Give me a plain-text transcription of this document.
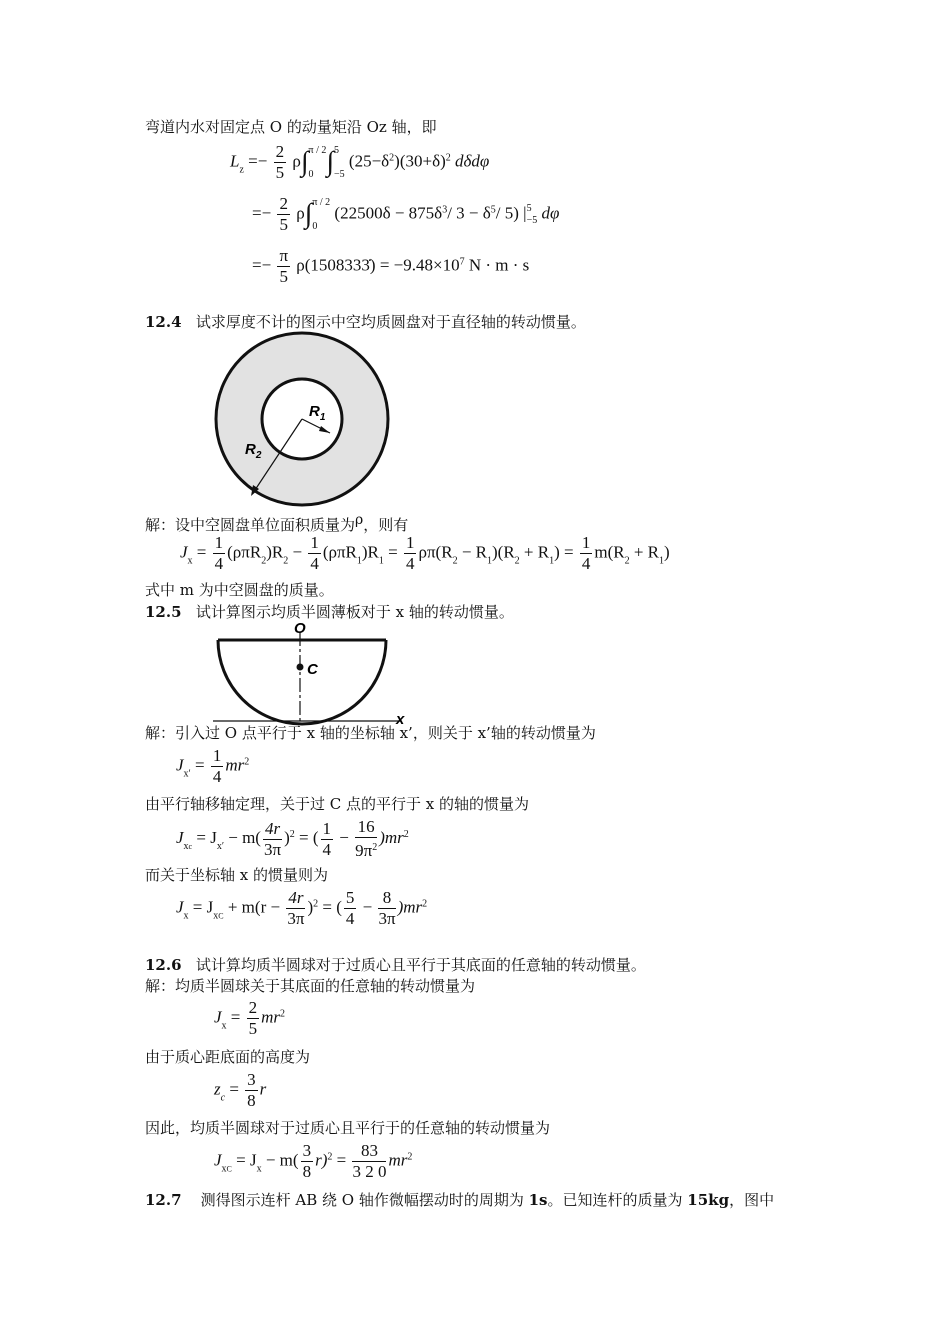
弯道内水对固定点 O 的动量矩沿 Oz 轴，即
$L_z =- \frac{2}{5} \rho\int\pi / 2$

0 ∫5

−5 $(25-\delta^2)(30+\delta)^2$ dδdφ
=− $\frac{2}{5} \rho\int\pi / 2$

0 ($22500\delta - 875\delta^3/$ $3 - \delta^5/$ 5) |5
−5 dφ
=− $\frac{\pi}{5}$ ρ(1508333̇) = $-9.48\times 10^7$ N · m · s
12.4 试求厚度不计的图示中空均质圆盘对于直径轴的转动惯量。
$R_1$
$R_2$
解：设中空圆盘单位面积质量为ρ，则有
$J_x = \frac{1}{4} (\rho\pi R_2)R_2 - \frac{1}{4} (\rho\pi R_1)R_1 = \frac{1}{4} \rho\pi(R_2 - R_1)(R_2 + R_1) = \frac{1}{4} m(R_2 + R_1)$
式中 m 为中空圆盘的质量。
12.5 试计算图示均质半圆薄板对于 x 轴的转动惯量。
O
C
x
解：引入过 O 点平行于 x 轴的坐标轴 x’，则关于 x’轴的转动惯量为
$J_{x'} = \frac{1}{4} mr^2$
由平行轴移轴定理，关于过 C 点的平行于 x 的轴的惯量为
$J_{xc} = J_{x'} - m( \frac{4r}{3\pi} )^2$ = ( $\frac{1}{4} - \frac{16}{9\pi^2} )mr^2$
而关于坐标轴 x 的惯量则为
$J_x = J_{xC} + m(r - \frac{4r}{3\pi} )^2$ = ( $\frac{5}{4} - \frac{8}{3\pi} )mr^2$
12.6 试计算均质半圆球对于过质心且平行于其底面的任意轴的转动惯量。
解：均质半圆球关于其底面的任意轴的转动惯量为
$J_x = \frac{2}{5} mr^2$
由于质心距底面的高度为
$z_c = \frac{3}{8}$ r
因此，均质半圆球对于过质心且平行于的任意轴的转动惯量为
$J_{xC} = J_x - m( \frac{3}{8} r)^2 = \frac{83}{3 2 0} mr^2$
12.7 测得图示连杆 AB 绕 O 轴作微幅摆动时的周期为 1s。已知连杆的质量为 15kg，图中
